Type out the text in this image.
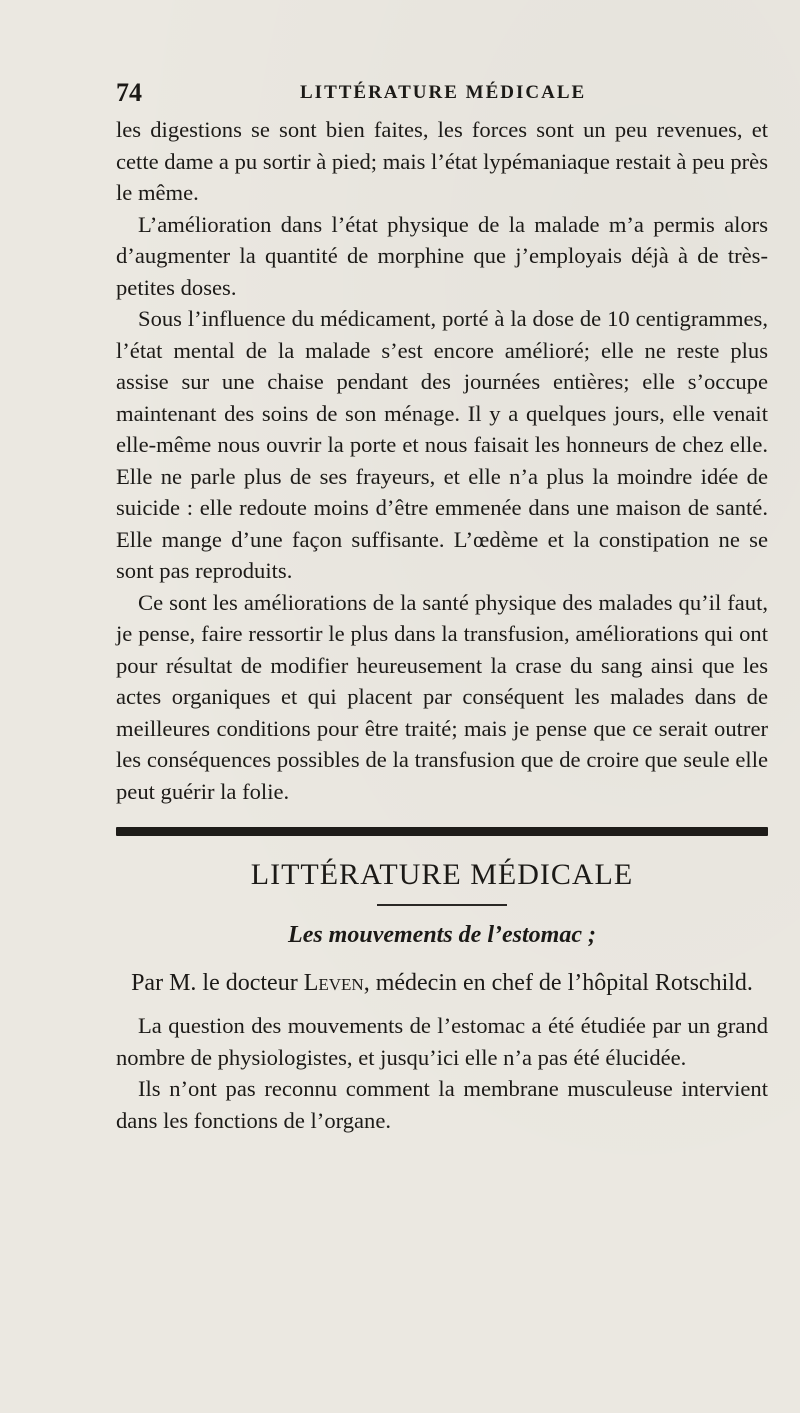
74	LITTÉRATURE MÉDICALE

les digestions se sont bien faites, les forces sont un peu revenues, et cette dame a pu sortir à pied; mais l’état lypémaniaque restait à peu près le même.

L’amélioration dans l’état physique de la malade m’a permis alors d’augmenter la quantité de morphine que j’employais déjà à de très-petites doses.

Sous l’influence du médicament, porté à la dose de 10 centigrammes, l’état mental de la malade s’est encore amélioré; elle ne reste plus assise sur une chaise pendant des journées entières; elle s’occupe maintenant des soins de son ménage. Il y a quelques jours, elle venait elle-même nous ouvrir la porte et nous faisait les honneurs de chez elle. Elle ne parle plus de ses frayeurs, et elle n’a plus la moindre idée de suicide : elle redoute moins d’être emmenée dans une maison de santé. Elle mange d’une façon suffisante. L’œdème et la constipation ne se sont pas reproduits.

Ce sont les améliorations de la santé physique des malades qu’il faut, je pense, faire ressortir le plus dans la transfusion, améliorations qui ont pour résultat de modifier heureusement la crase du sang ainsi que les actes organiques et qui placent par conséquent les malades dans de meilleures conditions pour être traité; mais je pense que ce serait outrer les conséquences possibles de la transfusion que de croire que seule elle peut guérir la folie.

LITTÉRATURE MÉDICALE
Les mouvements de l’estomac ;
Par M. le docteur Leven, médecin en chef de l’hôpital Rotschild.

La question des mouvements de l’estomac a été étudiée par un grand nombre de physiologistes, et jusqu’ici elle n’a pas été élucidée.

Ils n’ont pas reconnu comment la membrane musculeuse intervient dans les fonctions de l’organe.
